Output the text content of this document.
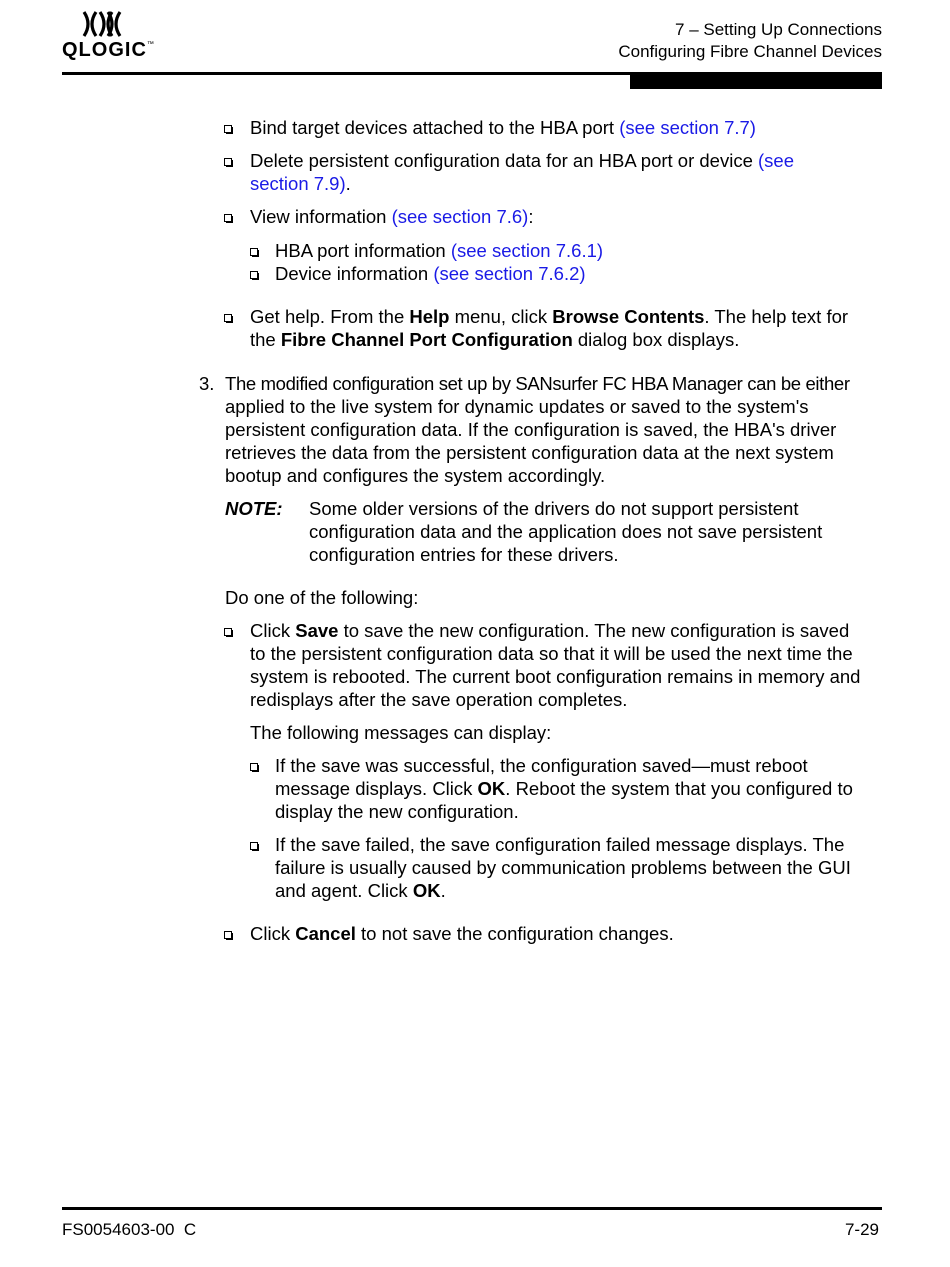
QLOGIC™
7 – Setting Up Connections
Configuring Fibre Channel Devices
Bind target devices attached to the HBA port (see section 7.7)
Delete persistent configuration data for an HBA port or device (see
section 7.9).
View information (see section 7.6):
HBA port information (see section 7.6.1)
Device information (see section 7.6.2)
Get help. From the Help menu, click Browse Contents. The help text for
the Fibre Channel Port Configuration dialog box displays.
3. The modified configuration set up by SANsurfer FC HBA Manager can be either
applied to the live system for dynamic updates or saved to the system's
persistent configuration data. If the configuration is saved, the HBA's driver
retrieves the data from the persistent configuration data at the next system
bootup and configures the system accordingly.
NOTE: Some older versions of the drivers do not support persistent
configuration data and the application does not save persistent
configuration entries for these drivers.
Do one of the following:
Click Save to save the new configuration. The new configuration is saved
to the persistent configuration data so that it will be used the next time the
system is rebooted. The current boot configuration remains in memory and
redisplays after the save operation completes.
The following messages can display:
If the save was successful, the configuration saved—must reboot
message displays. Click OK. Reboot the system that you configured to
display the new configuration.
If the save failed, the save configuration failed message displays. The
failure is usually caused by communication problems between the GUI
and agent. Click OK.
Click Cancel to not save the configuration changes.
FS0054603-00  C	7-29
